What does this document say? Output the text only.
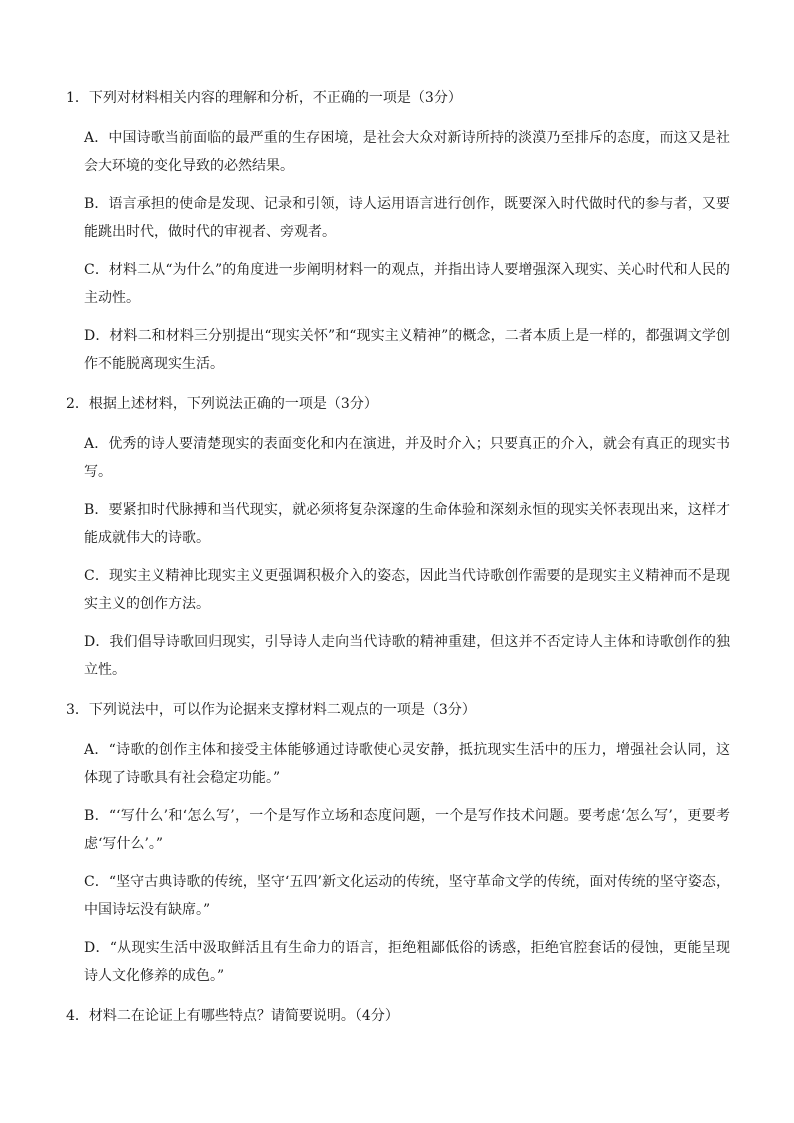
1．下列对材料相关内容的理解和分析，不正确的一项是（3分）
A．中国诗歌当前面临的最严重的生存困境，是社会大众对新诗所持的淡漠乃至排斥的态度，而这又是社会大环境的变化导致的必然结果。
B．语言承担的使命是发现、记录和引领，诗人运用语言进行创作，既要深入时代做时代的参与者，又要能跳出时代，做时代的审视者、旁观者。
C．材料二从“为什么”的角度进一步阐明材料一的观点，并指出诗人要增强深入现实、关心时代和人民的主动性。
D．材料二和材料三分别提出“现实关怀”和“现实主义精神”的概念，二者本质上是一样的，都强调文学创作不能脱离现实生活。
2．根据上述材料，下列说法正确的一项是（3分）
A．优秀的诗人要清楚现实的表面变化和内在演进，并及时介入；只要真正的介入，就会有真正的现实书写。
B．要紧扣时代脉搏和当代现实，就必须将复杂深邃的生命体验和深刻永恒的现实关怀表现出来，这样才能成就伟大的诗歌。
C．现实主义精神比现实主义更强调积极介入的姿态，因此当代诗歌创作需要的是现实主义精神而不是现实主义的创作方法。
D．我们倡导诗歌回归现实，引导诗人走向当代诗歌的精神重建，但这并不否定诗人主体和诗歌创作的独立性。
3．下列说法中，可以作为论据来支撑材料二观点的一项是（3分）
A．“诗歌的创作主体和接受主体能够通过诗歌使心灵安静，抵抗现实生活中的压力，增强社会认同，这体现了诗歌具有社会稳定功能。”
B．“‘写什么’和‘怎么写’，一个是写作立场和态度问题，一个是写作技术问题。要考虑‘怎么写’，更要考虑‘写什么’。”
C．“坚守古典诗歌的传统，坚守‘五四’新文化运动的传统，坚守革命文学的传统，面对传统的坚守姿态，中国诗坛没有缺席。”
D．“从现实生活中汲取鲜活且有生命力的语言，拒绝粗鄙低俗的诱惑，拒绝官腔套话的侵蚀，更能呈现诗人文化修养的成色。”
4．材料二在论证上有哪些特点？请简要说明。（4分）
